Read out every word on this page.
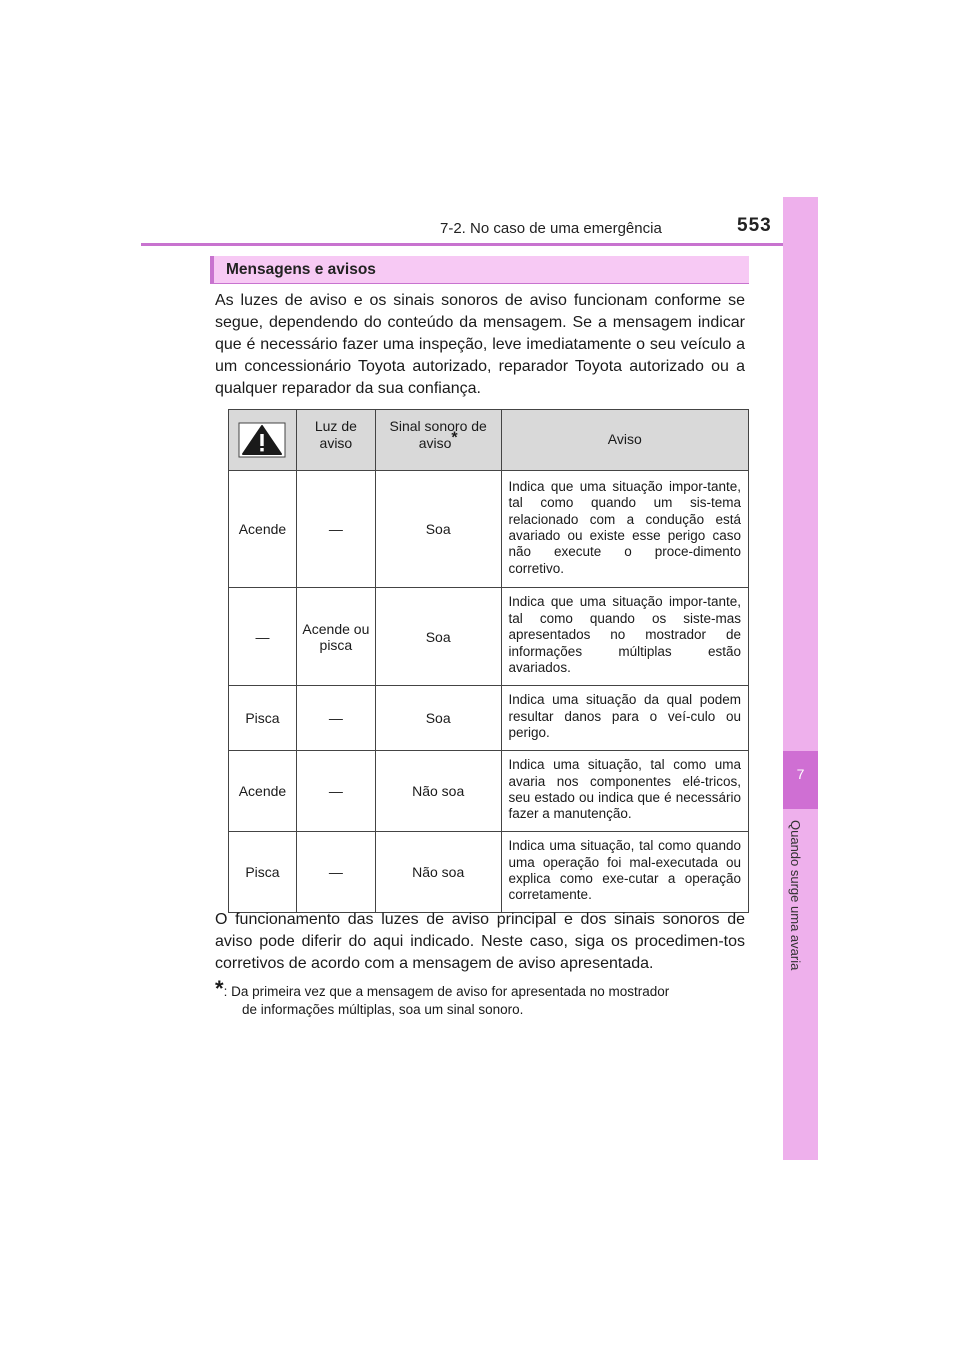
7-2. No caso de uma emergência	553
7
Quando surge uma avaria
Mensagens e avisos
As luzes de aviso e os sinais sonoros de aviso funcionam conforme se segue, dependendo do conteúdo da mensagem. Se a mensagem indicar que é necessário fazer uma inspeção, leve imediatamente o seu veículo a um concessionário Toyota autorizado, reparador Toyota autorizado ou a qualquer reparador da sua confiança.
	Luz de aviso	Sinal sonoro de aviso*	Aviso
Acende	—	Soa	Indica que uma situação impor-tante, tal como quando um sis-tema relacionado com a condução está avariado ou existe esse perigo caso não execute o proce-dimento corretivo.
—	Acende ou pisca	Soa	Indica que uma situação impor-tante, tal como quando os siste-mas apresentados no mostrador de informações múltiplas estão avariados.
Pisca	—	Soa	Indica uma situação da qual podem resultar danos para o veí-culo ou perigo.
Acende	—	Não soa	Indica uma situação, tal como uma avaria nos componentes elé-tricos, seu estado ou indica que é necessário fazer a manutenção.
Pisca	—	Não soa	Indica uma situação, tal como quando uma operação foi mal-executada ou explica como exe-cutar a operação corretamente.
O funcionamento das luzes de aviso principal e dos sinais sonoros de aviso pode diferir do aqui indicado. Neste caso, siga os procedimen-tos corretivos de acordo com a mensagem de aviso apresentada.
*: Da primeira vez que a mensagem de aviso for apresentada no mostrador
de informações múltiplas, soa um sinal sonoro.
